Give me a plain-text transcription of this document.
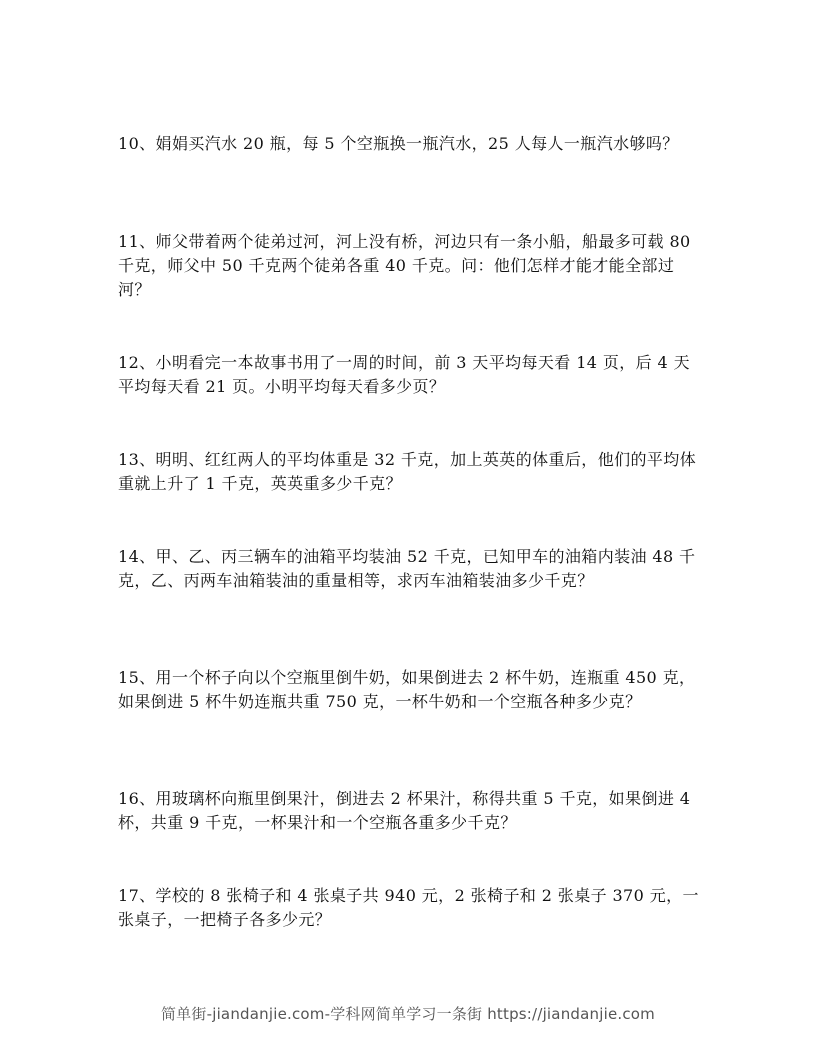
10、娟娟买汽水 20 瓶，每 5 个空瓶换一瓶汽水，25 人每人一瓶汽水够吗？

11、师父带着两个徒弟过河，河上没有桥，河边只有一条小船，船最多可载 80 千克，师父中 50 千克两个徒弟各重 40 千克。问：他们怎样才能才能全部过河？

12、小明看完一本故事书用了一周的时间，前 3 天平均每天看 14 页，后 4 天平均每天看 21 页。小明平均每天看多少页？

13、明明、红红两人的平均体重是 32 千克，加上英英的体重后，他们的平均体重就上升了 1 千克，英英重多少千克？

14、甲、乙、丙三辆车的油箱平均装油 52 千克，已知甲车的油箱内装油 48 千克，乙、丙两车油箱装油的重量相等，求丙车油箱装油多少千克？

15、用一个杯子向以个空瓶里倒牛奶，如果倒进去 2 杯牛奶，连瓶重 450 克，如果倒进 5 杯牛奶连瓶共重 750 克，一杯牛奶和一个空瓶各种多少克？

16、用玻璃杯向瓶里倒果汁，倒进去 2 杯果汁，称得共重 5 千克，如果倒进 4 杯，共重 9 千克，一杯果汁和一个空瓶各重多少千克？

17、学校的 8 张椅子和 4 张桌子共 940 元，2 张椅子和 2 张桌子 370 元，一张桌子，一把椅子各多少元？

简单街-jiandanjie.com-学科网简单学习一条街 https://jiandanjie.com
